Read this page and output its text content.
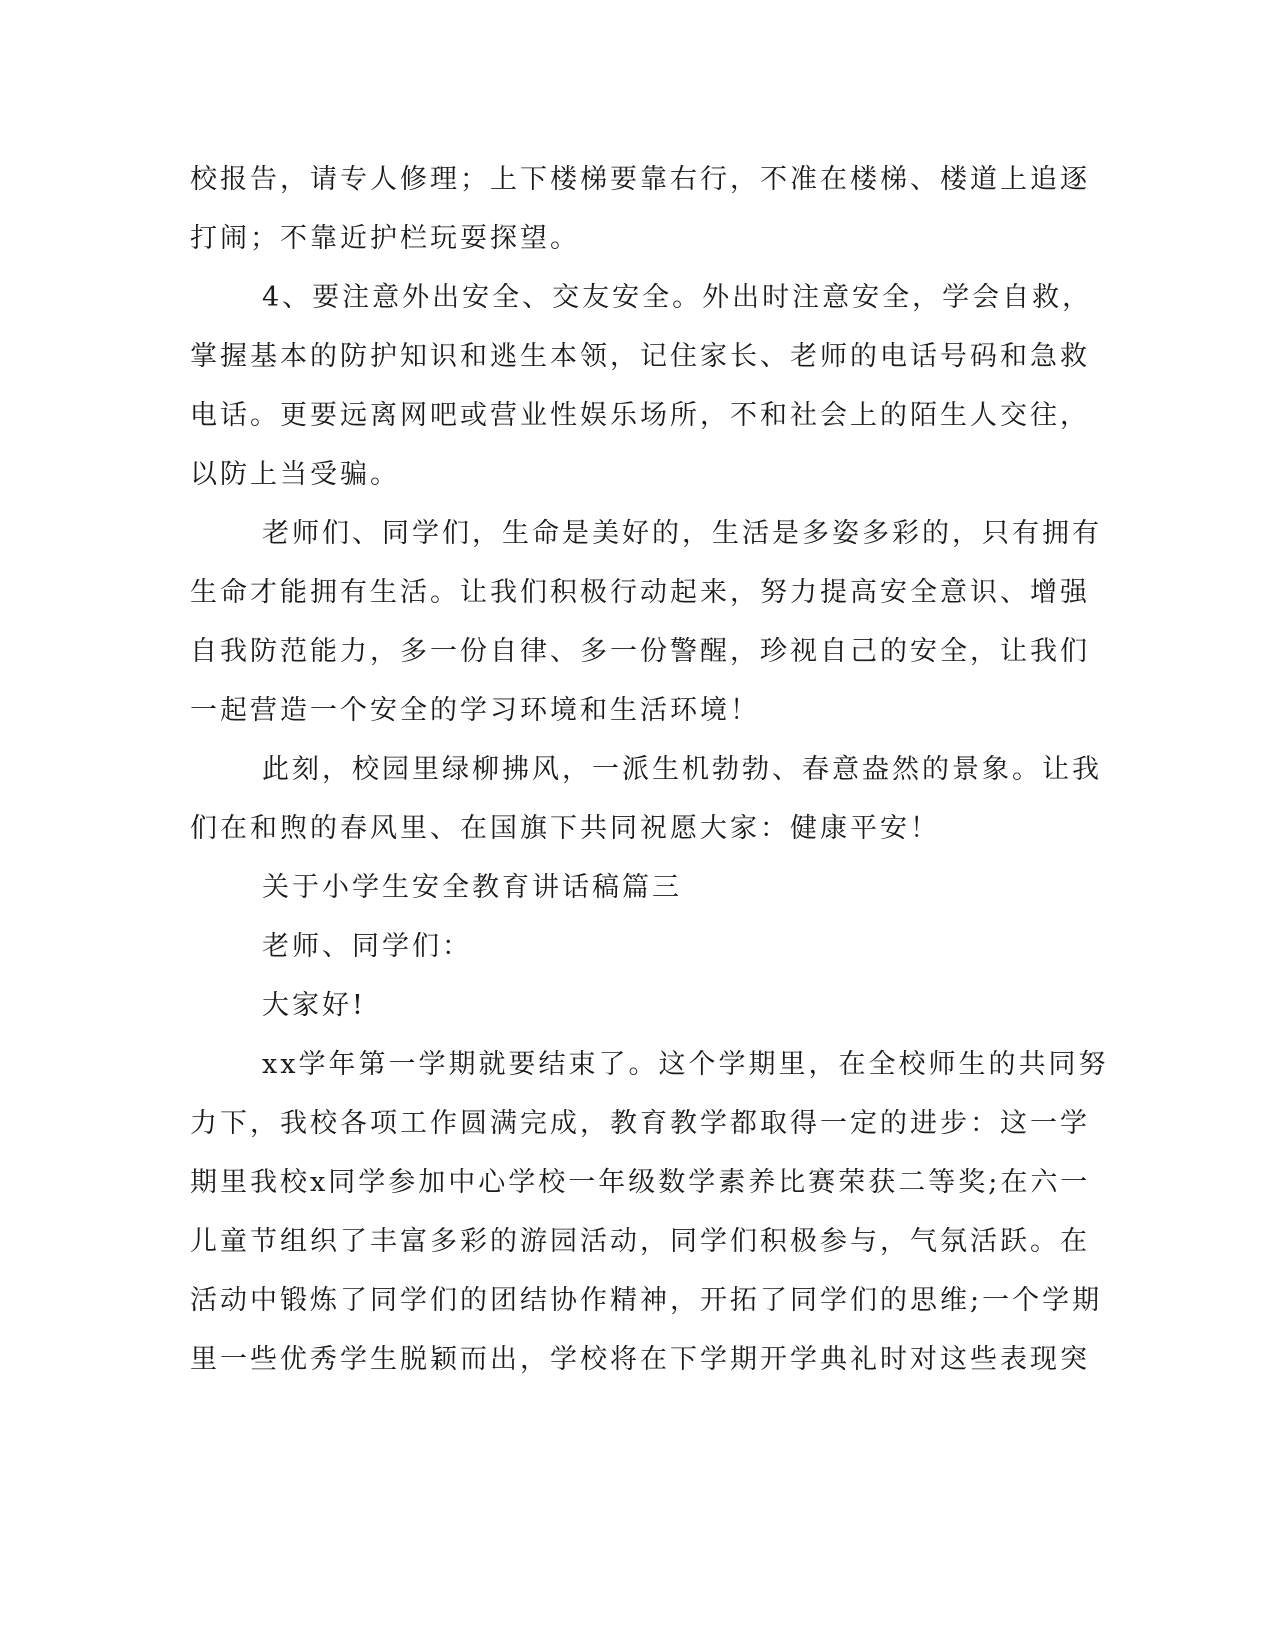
校报告，请专人修理；上下楼梯要靠右行，不准在楼梯、楼道上追逐
打闹；不靠近护栏玩耍探望。
4、要注意外出安全、交友安全。外出时注意安全，学会自救，
掌握基本的防护知识和逃生本领，记住家长、老师的电话号码和急救
电话。更要远离网吧或营业性娱乐场所，不和社会上的陌生人交往，
以防上当受骗。
老师们、同学们，生命是美好的，生活是多姿多彩的，只有拥有
生命才能拥有生活。让我们积极行动起来，努力提高安全意识、增强
自我防范能力，多一份自律、多一份警醒，珍视自己的安全，让我们
一起营造一个安全的学习环境和生活环境！
此刻，校园里绿柳拂风，一派生机勃勃、春意盎然的景象。让我
们在和煦的春风里、在国旗下共同祝愿大家：健康平安！
关于小学生安全教育讲话稿篇三
老师、同学们：
大家好!
xx学年第一学期就要结束了。这个学期里，在全校师生的共同努
力下，我校各项工作圆满完成，教育教学都取得一定的进步：这一学
期里我校x同学参加中心学校一年级数学素养比赛荣获二等奖;在六一
儿童节组织了丰富多彩的游园活动，同学们积极参与，气氛活跃。在
活动中锻炼了同学们的团结协作精神，开拓了同学们的思维;一个学期
里一些优秀学生脱颖而出，学校将在下学期开学典礼时对这些表现突
